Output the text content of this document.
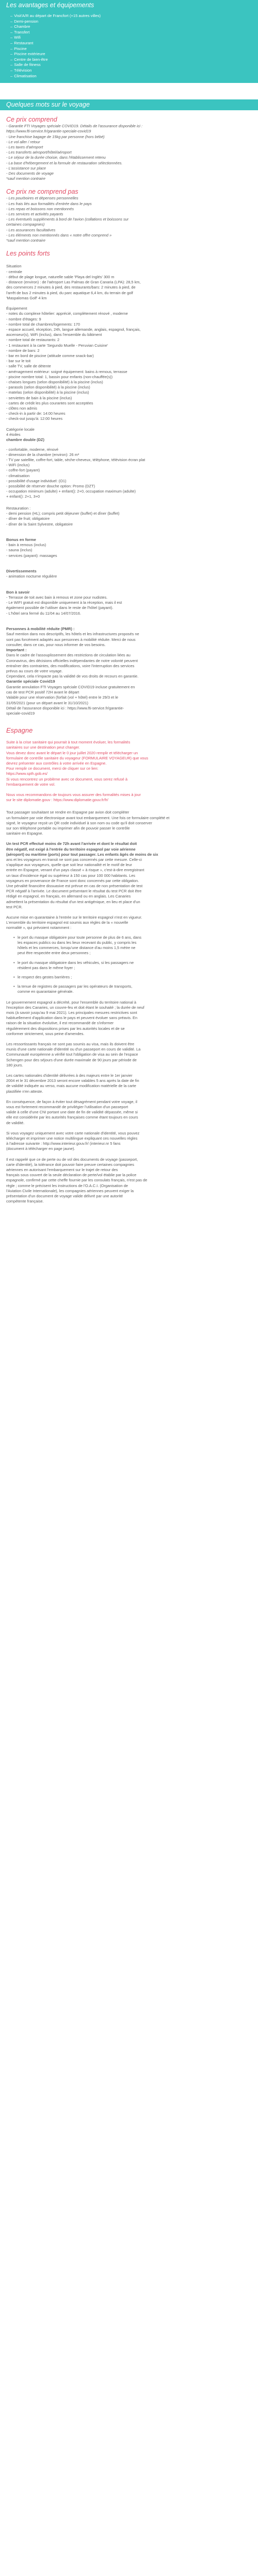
Les avantages et équipements
– Visit'A/R au départ de Francfort (+15 autres villes)
– Demi-pension
– Chambre
– Transfert
– Wifi
– Restaurant
– Piscine
– Piscine extérieure
– Centre de bien-être
– Salle de fitness
– Télévision
– Climatisation
Quelques mots sur le voyage
Ce prix comprend
- Garantie FTI Voyages spéciale COVID19. Détails de l'assurance disponible ici :
https://www.fti-service.fr/garantie-speciale-covid19
- Une franchise bagage de 15kg par personne (hors bébé)
- Le vol aller / retour
- Les taxes d'aéroport
- Les transferts aéroport/hôtel/aéroport
- Le séjour de la durée choisie, dans l'établissement retenu
- La base d'hébergement et la formule de restauration sélectionnées.
- L'assistance sur place
- Des documents de voyage
*sauf mention contraire
Ce prix ne comprend pas
- Les pourboires et dépenses personnelles
- Les frais liés aux formalités d'entrée dans le pays
- Les repas et boissons non mentionnés
- Les services et activités payants
- Les éventuels suppléments à bord de l'avion (collations et boissons sur
certaines compagnies)
- Les assurances facultatives
- Les éléments non mentionnés dans « notre offre comprend »
*sauf mention contraire
Les points forts
Situation
- centrale
- début de plage longue, naturelle sable 'Playa del Inglés' 300 m
- distance (environ) : de l'aéroport Las Palmas de Gran Canaria (LPA): 28,5 km,
des commerces 2 minutes à pied, des restaurants/bars: 2 minutes à pied, de
l'arrêt de bus 2 minutes à pied, du parc aquatique 6,4 km, du terrain de golf
'Maspalomas Golf' 4 km
Équipement
- notes du complexe hôtelier: apprécié, complètement rénové , moderne
- nombre d'étages: 9
- nombre total de chambres/logements: 170
- espace accueil, réception, 24h, langue allemande, anglais, espagnol, français,
ascenseur(s), WiFi (inclus), dans l'ensemble du bâtiment
- nombre total de restaurants: 2
- 1 restaurant à la carte 'Segundo Muelle - Peruvian Cuisine'
- nombre de bars: 2
- bar en bord de piscine (attitude comme snack-bar)
- bar sur le toit
- salle TV, salle de détente
- aménagement extérieur: soigné équipement: bains à remous, terrasse
- piscine nombre total: 1, bassin pour enfants (non-chauffée(s))
- chaises longues (selon disponibilité) à la piscine (inclus)
- parasols (selon disponibilité) à la piscine (inclus)
- matelas (selon disponibilité) à la piscine (inclus)
- serviettes de bain à la piscine (inclus)
- cartes de crédit les plus courantes sont acceptées
- clôtes non admis
- check-in à partir de: 14:00 heures
- check-out jusqu'à: 12:00 heures
Catégorie locale
4 étoiles
chambre double (DZ)
- confortable, moderne, rénové
- dimension de la chambre (environ): 26 m²
- TV par satellite, coffre-fort, table, sèche-cheveux, téléphone, télévision écran plat
- WiFi (inclus)
- coffre-fort (payant)
- climatisation
- possibilité d'usage individuel: (O1)
- possibilité de réserver douche option: Promo (DZT)
- occupation minimum (adulte) + enfant(): 2+0, occupation maximum (adulte)
+ enfant(): 2+1, 3+0
Restauration :
- demi pension (HL); compris petit déjeuner (buffet) et dîner (buffet)
- dîner de fruit; obligatoire
- dîner de la Saint Sylvestre, obligatoire
Bonus en forme
- bain à remous (inclus)
- sauna (inclus)
- services (payant): massages
Divertissements
- animation nocturne régulière
Bon à savoir
- Terrasse de toit avec bain à remous et zone pour nudistes.
- Le WIFI gratuit est disponible uniquement à la réception, mais il est
également possible de l'utiliser dans le reste de l'hôtel (payant).
- L'hôtel sera fermé du 11/04 au 14/07/2016.
Personnes à mobilité réduite (PMR) :
Sauf mention dans nos descriptifs, les hôtels et les infrastructures proposés ne
sont pas forcément adaptés aux personnes à mobilité réduite. Merci de nous
consulter, dans ce cas, pour nous informer de vos besoins.
Important :
Dans le cadre de l'assouplissement des restrictions de circulation liées au
Coronavirus, des décisions officielles indépendantes de notre volonté peuvent
entraîner des contraintes, des modifications, voire l'interruption des services
prévus au cours de votre voyage.
Cependant, cela n'impacte pas la validité de vos droits de recours en garantie.
Garantie spéciale Covid19
Garantie annulation FTI Voyages spéciale COVID19 incluse gratuitement en
cas de test PCR positif 72H avant le départ
Valable pour une réservation (forfait (vol + hôtel) entre le 29/3 et le
31/05/2021 (pour un départ avant le 31/10/2021)
Détail de l'assurance disponible ici : https://www.fti-service.fr/garantie-
speciale-covid19
Espagne
Suite à la crise sanitaire qui pourrait à tout moment évoluer, les formalités
sanitaires sur une destination peut changer.
Vous devez donc avant le départ le 0 jour juillet 2020 remplir et télécharger un
formulaire de contrôle sanitaire du voyageur (FORMULAIRE VOYAGEUR) que vous
devrez présenter aux contrôles à votre arrivée en Espagne.
Pour remplir ce document, merci de cliquer sur ce lien:
https://www.spth.gob.es/
Si vous rencontrez un problème avec ce document, vous serez refusé à
l'embarquement de votre vol.
Nous vous recommandons de toujours vous assurer des formalités mises à jour
sur le site diplomatie.gouv : https://www.diplomatie.gouv.fr/fr/
Tout passager souhaitant se rendre en Espagne par avion doit compléter
un formulaire par voie électronique avant tout embarquement. Une fois ce formulaire complété et
signé, le voyageur reçoit un QR code individuel à son nom ou code qu'il doit conserver
sur son téléphone portable ou imprimer afin de pouvoir passer le contrôle
sanitaire en Espagne.
Un test PCR effectué moins de 72h avant l'arrivée et dont le résultat doit
être négatif, est exigé à l'entrée du territoire espagnol par voie aérienne
(aéroport) ou maritime (ports) pour tout passager. Les enfants âgés de moins de six
ans et les voyageurs en transit ne sont pas concernés par cette mesure. Celle-ci
s'applique aux voyageurs, quelle que soit leur nationalité et le motif de leur
entrée en Espagne, venant d'un pays classé « à risque », c'est-à-dire enregistrant
un taux d'incidence égal ou supérieur à 150 cas pour 100 000 habitants. Les
voyageurs en provenance de France sont donc concernés par cette obligation.
Une pénalité financière dissuasive est prévue en cas de non présentation de test
PCR négatif à l'arrivée. Le document présentant le résultat du test PCR doit être
rédigé en espagnol, en français, en allemand ou en anglais. Les Canaries
admettent la présentation du résultat d'un test antigénique, en lieu et place d'un
test PCR.
Aucune mise en quarantaine à l'entrée sur le territoire espagnol n'est en vigueur.
L'ensemble du territoire espagnol est soumis aux règles de la « nouvelle
normalité », qui prévoient notamment :
le port du masque obligatoire pour toute personne de plus de 6 ans, dans
•
les espaces publics ou dans les lieux recevant du public, y compris les
hôtels et les commerces, lorsqu'une distance d'au moins 1,5 mètre ne
peut être respectée entre deux personnes ;
le port du masque obligatoire dans les véhicules, si les passagers ne
•
résident pas dans le même foyer ;
le respect des gestes barrières ;
•
la tenue de registres de passagers par les opérateurs de transports,
•
comme en quarantaine générale.
Le gouvernement espagnol a décrété, pour l'ensemble du territoire national à
l'exception des Canaries, un couvre-feu et doit étant le souhaité ; la durée de neuf
mois (à savoir jusqu'au 9 mai 2021). Les principales mesures restrictives sont
habituellement d'application dans le pays et peuvent évoluer sans préavis. En
raison de la situation évolutive, il est recommandé de s'informer
régulièrement des dispositions prises par les autorités locales et de se
conformer strictement, sous peine d'amendes.
Les ressortissants français ne sont pas soumis au visa, mais ils doivent être
munis d'une carte nationale d'identité ou d'un passeport en cours de validité. La
Communauté européenne a vérifié tout l'obligation de visa au sein de l'espace
Schengen pour des séjours d'une durée maximale de 90 jours par période de
180 jours.
Les cartes nationales d'identité délivrées à des majeurs entre le 1er janvier
2004 et le 31 décembre 2013 seront encore valables 5 ans après la date de fin
de validité indiquée au verso, mais aucune modification matérielle de la carte
plastifiée n'en atteste.
En conséquence, de façon à éviter tout désagrément pendant votre voyage, il
vous est fortement recommandé de privilégier l'utilisation d'un passeport
valide à celle d'une CNI portant une date de fin de validité dépassée, même si
elle est considérée par les autorités françaises comme étant toujours en cours
de validité.
Si vous voyagez uniquement avec votre carte nationale d'identité, vous pouvez
télécharger et imprimer une notice multilingue expliquant ces nouvelles règles
à l'adresse suivante : http://www.interieur.gouv.fr/ (interieur.nr 5 fans
(document à télécharger en page jaune).
Il est rappelé que ce de perte ou de vol des documents de voyage (passeport,
carte d'identité), la tolérance doit pouvoir faire preuve certaines compagnies
aériennes en autorisant l'embarquement sur le trajet de retour des
français sous couvert de la seule déclaration de perte/vol établie par la police
espagnole, confirmé par cette cheffe fournie par les consulats français, n'est pas de
règle ; comme le précisent les instructions de l'O.A.C.I. (Organisation de
l'Aviation Civile Internationale), les compagnies aériennes peuvent exiger la
présentation d'un document de voyage valide délivré par une autorité
compétente française.
